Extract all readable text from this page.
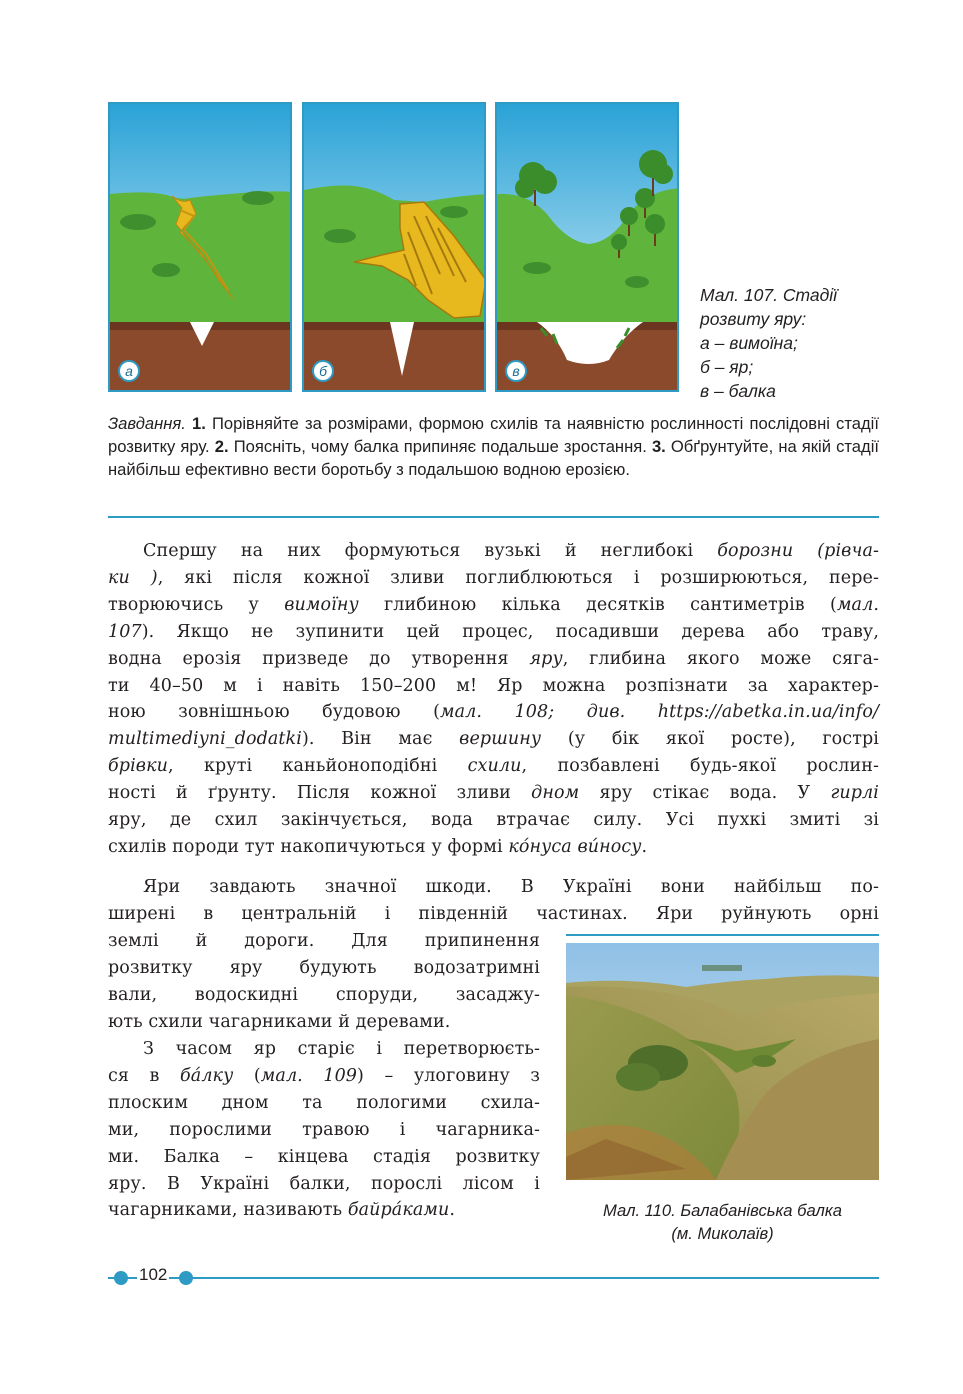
а	б	в
Мал. 107. Стадії
розвиту яру:
а – вимоїна;
б – яр;
в – балка
Завдання. 1. Порівняйте за розмірами, формою схилів та наявністю рослинності послідовні стадії розвитку яру. 2. Поясніть, чому балка припиняє подальше зростання. 3. Обґрунтуйте, на якій стадії найбільш ефективно вести боротьбу з подальшою водною ерозією.
Спершу на них формуються вузькі й неглибокі борозни (рівча-
ки ), які після кожної зливи поглиблюються і розширюються, пере-
творюючись у вимоїну глибиною кілька десятків сантиметрів (мал.
107). Якщо не зупинити цей процес, посадивши дерева або траву,
водна ерозія призведе до утворення яру, глибина якого може сяга-
ти 40–50 м і навіть 150–200 м! Яр можна розпізнати за характер-
ною зовнішньою будовою (мал. 108; див. https://abetka.in.ua/info/
multimediyni_dodatki). Він має вершину (у бік якої росте), гострі
брівки, круті каньйоноподібні схили, позбавлені будь-якої рослин-
ності й ґрунту. Після кожної зливи дном яру стікає вода. У гирлі
яру, де схил закінчується, вода втрачає силу. Усі пухкі змиті зі
схилів породи тут накопичуються у формі ко́нуса ви́носу.
Яри завдають значної шкоди. В Україні вони найбільш по-
ширені в центральній і південній частинах. Яри руйнують орні
землі й дороги. Для припинення
розвитку яру будують водозатримні
вали, водоскидні споруди, засаджу-
ють схили чагарниками й деревами.
З часом яр старіє і перетворюєть-
ся в ба́лку (мал. 109) – улоговину з
плоским дном та пологими схила-
ми, порослими травою і чагарника-
ми. Балка – кінцева стадія розвитку
яру. В Україні балки, порослі лісом і
чагарниками, називають байра́ками.	Мал. 110. Балабанівська балка
(м. Миколаїв)
102
